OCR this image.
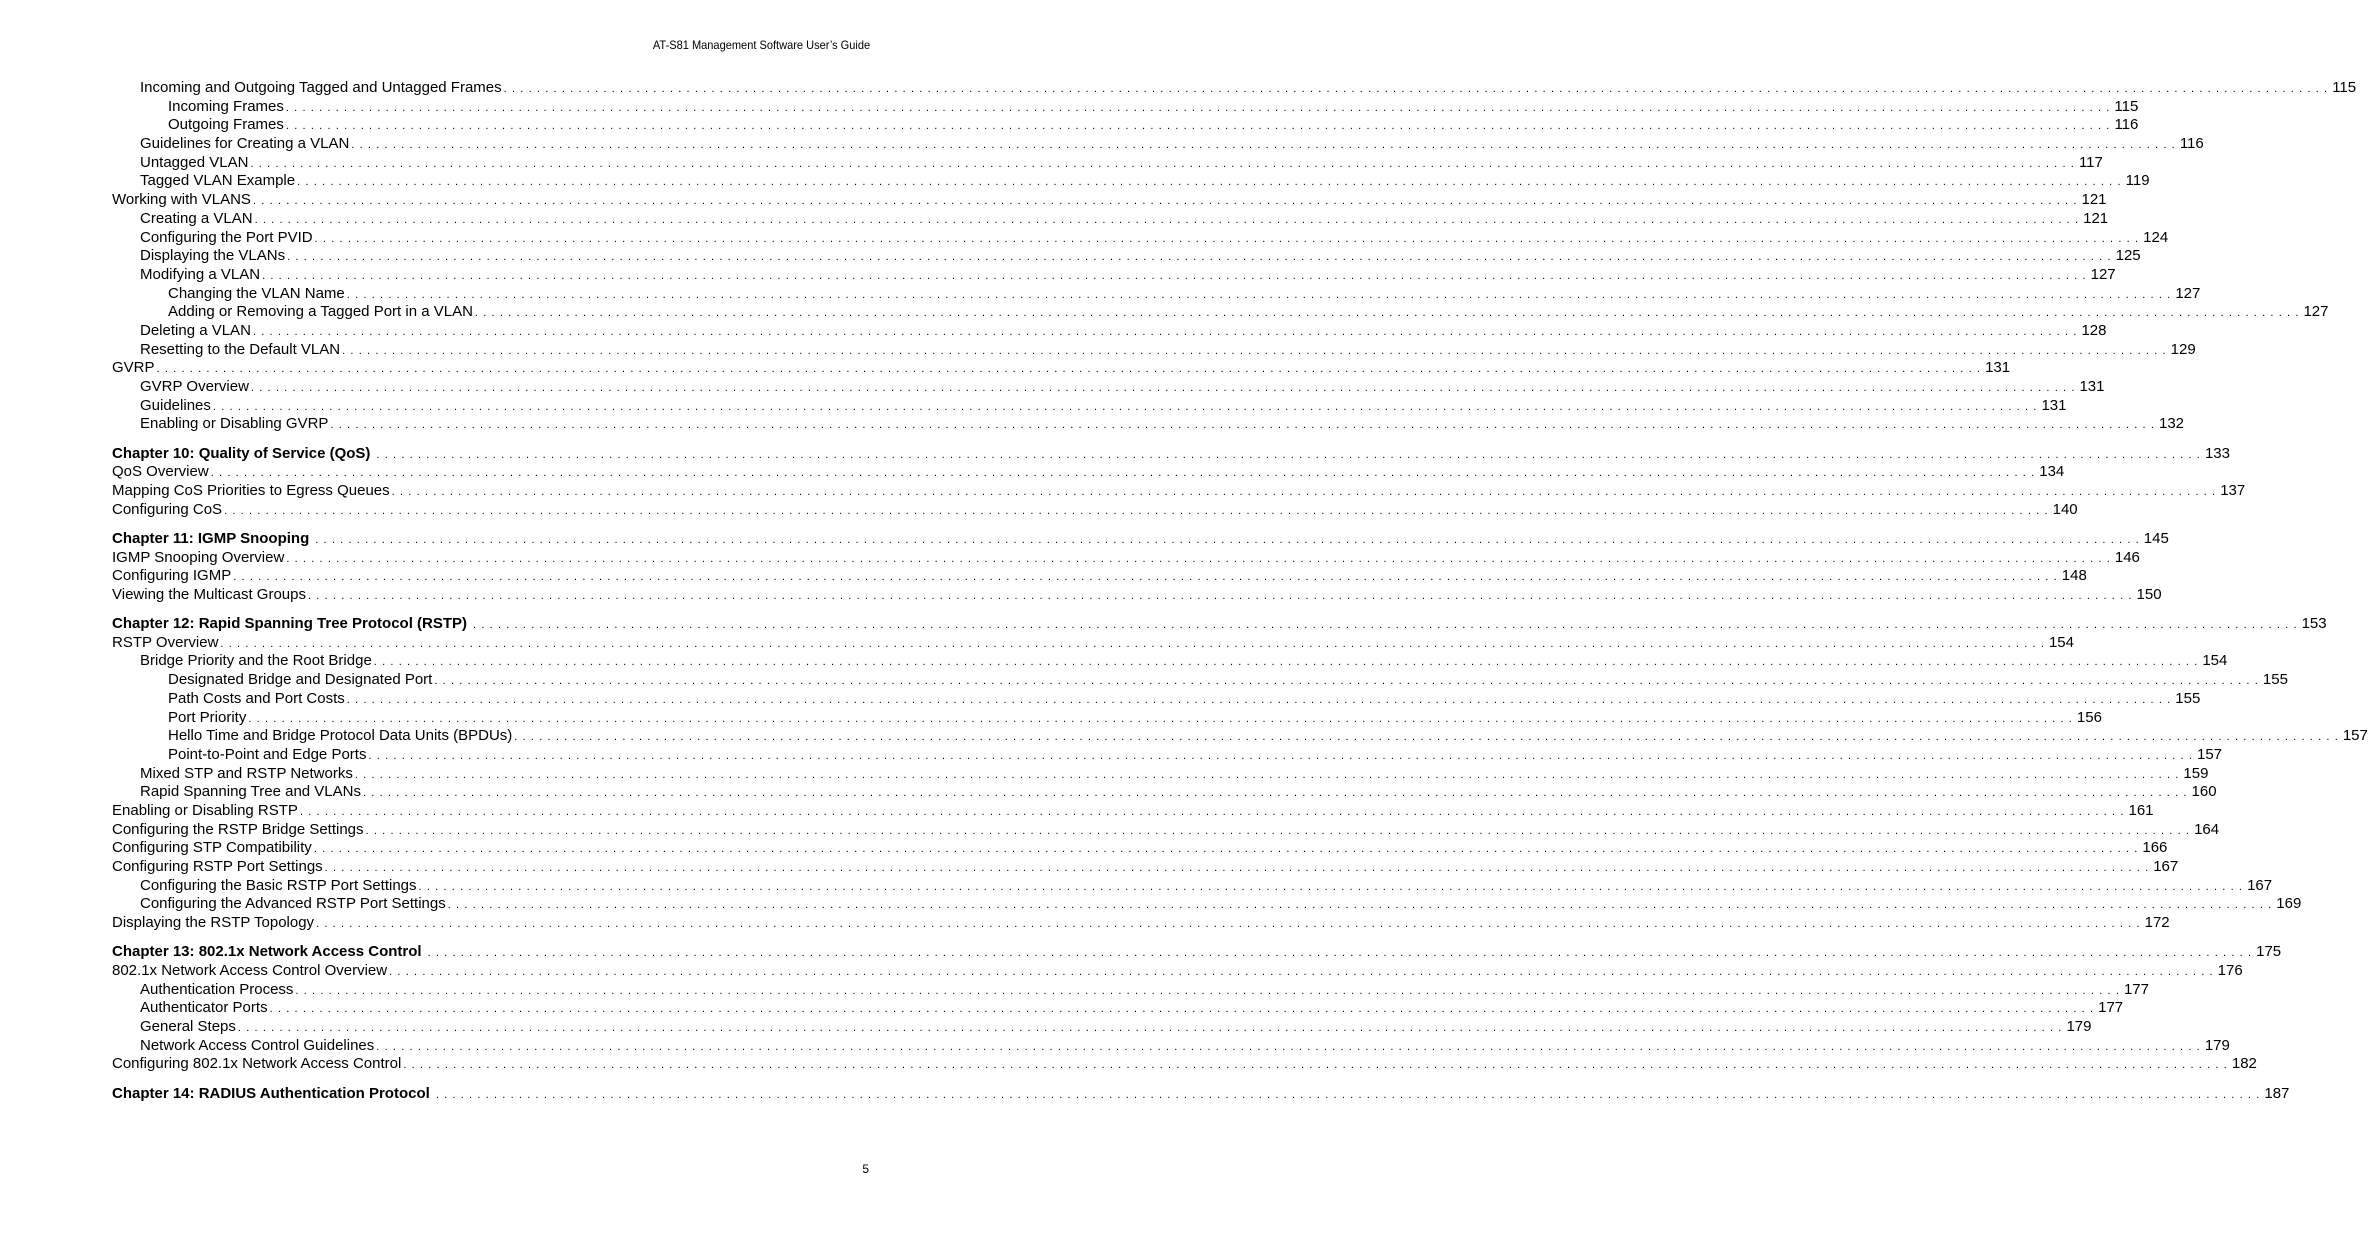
AT-S81 Management Software User’s Guide
Incoming and Outgoing Tagged and Untagged Frames . . . . . . . . . . . . . . . . . . . . . . . . . . . . . . . . . . . . . . . . . . . . . . . . . . . . . . . . . . . . . . . . . . . . . . . . . . . . . . . . . . . . . . . . . . . . . . . . . . . . . . . . . . . . . . . . . . . . . . . . . . . . . . . . . . . . . . . . . . . . . . . . . . . . . . . . . . . . . . . . . . . . . . . . . . . . . . . . . . . . . . . . . . . . . . . . . . . . . . . . . . . . . . . . . . . . . . . . . . . . 115
Incoming Frames . . . . . . . . . . . . . . . . . . . . . . . . . . . . . . . . . . . . . . . . . . . . . . . . . . . . . . . . . . . . . . . . . . . . . . . . . . . . . . . . . . . . . . . . . . . . . . . . . . . . . . . . . . . . . . . . . . . . . . . . . . . . . . . . . . . . . . . . . . . . . . . . . . . . . . . . . . . . . . . . . . . . . . . . . . . . . . . . . . . . . . . . . . . . . . . . . . . . . . . . . . . . . . . . . . . . . . . . . . . . 115
Outgoing Frames . . . . . . . . . . . . . . . . . . . . . . . . . . . . . . . . . . . . . . . . . . . . . . . . . . . . . . . . . . . . . . . . . . . . . . . . . . . . . . . . . . . . . . . . . . . . . . . . . . . . . . . . . . . . . . . . . . . . . . . . . . . . . . . . . . . . . . . . . . . . . . . . . . . . . . . . . . . . . . . . . . . . . . . . . . . . . . . . . . . . . . . . . . . . . . . . . . . . . . . . . . . . . . . . . . . . . . . . . . . . 116
Guidelines for Creating a VLAN . . . . . . . . . . . . . . . . . . . . . . . . . . . . . . . . . . . . . . . . . . . . . . . . . . . . . . . . . . . . . . . . . . . . . . . . . . . . . . . . . . . . . . . . . . . . . . . . . . . . . . . . . . . . . . . . . . . . . . . . . . . . . . . . . . . . . . . . . . . . . . . . . . . . . . . . . . . . . . . . . . . . . . . . . . . . . . . . . . . . . . . . . . . . . . . . . . . . . . . . . . . . . . . . . . . . . . . . . . . . 116
Untagged VLAN . . . . . . . . . . . . . . . . . . . . . . . . . . . . . . . . . . . . . . . . . . . . . . . . . . . . . . . . . . . . . . . . . . . . . . . . . . . . . . . . . . . . . . . . . . . . . . . . . . . . . . . . . . . . . . . . . . . . . . . . . . . . . . . . . . . . . . . . . . . . . . . . . . . . . . . . . . . . . . . . . . . . . . . . . . . . . . . . . . . . . . . . . . . . . . . . . . . . . . . . . . . . . . . . . . . . . . . . . . . . 117
Tagged VLAN Example . . . . . . . . . . . . . . . . . . . . . . . . . . . . . . . . . . . . . . . . . . . . . . . . . . . . . . . . . . . . . . . . . . . . . . . . . . . . . . . . . . . . . . . . . . . . . . . . . . . . . . . . . . . . . . . . . . . . . . . . . . . . . . . . . . . . . . . . . . . . . . . . . . . . . . . . . . . . . . . . . . . . . . . . . . . . . . . . . . . . . . . . . . . . . . . . . . . . . . . . . . . . . . . . . . . . . . . . . . . . 119
Working with VLANS . . . . . . . . . . . . . . . . . . . . . . . . . . . . . . . . . . . . . . . . . . . . . . . . . . . . . . . . . . . . . . . . . . . . . . . . . . . . . . . . . . . . . . . . . . . . . . . . . . . . . . . . . . . . . . . . . . . . . . . . . . . . . . . . . . . . . . . . . . . . . . . . . . . . . . . . . . . . . . . . . . . . . . . . . . . . . . . . . . . . . . . . . . . . . . . . . . . . . . . . . . . . . . . . . . . . . . . . . . . . 121
Creating a VLAN . . . . . . . . . . . . . . . . . . . . . . . . . . . . . . . . . . . . . . . . . . . . . . . . . . . . . . . . . . . . . . . . . . . . . . . . . . . . . . . . . . . . . . . . . . . . . . . . . . . . . . . . . . . . . . . . . . . . . . . . . . . . . . . . . . . . . . . . . . . . . . . . . . . . . . . . . . . . . . . . . . . . . . . . . . . . . . . . . . . . . . . . . . . . . . . . . . . . . . . . . . . . . . . . . . . . . . . . . . . . 121
Configuring the Port PVID . . . . . . . . . . . . . . . . . . . . . . . . . . . . . . . . . . . . . . . . . . . . . . . . . . . . . . . . . . . . . . . . . . . . . . . . . . . . . . . . . . . . . . . . . . . . . . . . . . . . . . . . . . . . . . . . . . . . . . . . . . . . . . . . . . . . . . . . . . . . . . . . . . . . . . . . . . . . . . . . . . . . . . . . . . . . . . . . . . . . . . . . . . . . . . . . . . . . . . . . . . . . . . . . . . . . . . . . . . . . 124
Displaying the VLANs . . . . . . . . . . . . . . . . . . . . . . . . . . . . . . . . . . . . . . . . . . . . . . . . . . . . . . . . . . . . . . . . . . . . . . . . . . . . . . . . . . . . . . . . . . . . . . . . . . . . . . . . . . . . . . . . . . . . . . . . . . . . . . . . . . . . . . . . . . . . . . . . . . . . . . . . . . . . . . . . . . . . . . . . . . . . . . . . . . . . . . . . . . . . . . . . . . . . . . . . . . . . . . . . . . . . . . . . . . . . 125
Modifying a VLAN . . . . . . . . . . . . . . . . . . . . . . . . . . . . . . . . . . . . . . . . . . . . . . . . . . . . . . . . . . . . . . . . . . . . . . . . . . . . . . . . . . . . . . . . . . . . . . . . . . . . . . . . . . . . . . . . . . . . . . . . . . . . . . . . . . . . . . . . . . . . . . . . . . . . . . . . . . . . . . . . . . . . . . . . . . . . . . . . . . . . . . . . . . . . . . . . . . . . . . . . . . . . . . . . . . . . . . . . . . . . 127
Changing the VLAN Name . . . . . . . . . . . . . . . . . . . . . . . . . . . . . . . . . . . . . . . . . . . . . . . . . . . . . . . . . . . . . . . . . . . . . . . . . . . . . . . . . . . . . . . . . . . . . . . . . . . . . . . . . . . . . . . . . . . . . . . . . . . . . . . . . . . . . . . . . . . . . . . . . . . . . . . . . . . . . . . . . . . . . . . . . . . . . . . . . . . . . . . . . . . . . . . . . . . . . . . . . . . . . . . . . . . . . . . . . . . . 127
Adding or Removing a Tagged Port in a VLAN . . . . . . . . . . . . . . . . . . . . . . . . . . . . . . . . . . . . . . . . . . . . . . . . . . . . . . . . . . . . . . . . . . . . . . . . . . . . . . . . . . . . . . . . . . . . . . . . . . . . . . . . . . . . . . . . . . . . . . . . . . . . . . . . . . . . . . . . . . . . . . . . . . . . . . . . . . . . . . . . . . . . . . . . . . . . . . . . . . . . . . . . . . . . . . . . . . . . . . . . . . . . . . . . . . . . . . . . . . . . 127
Deleting a VLAN . . . . . . . . . . . . . . . . . . . . . . . . . . . . . . . . . . . . . . . . . . . . . . . . . . . . . . . . . . . . . . . . . . . . . . . . . . . . . . . . . . . . . . . . . . . . . . . . . . . . . . . . . . . . . . . . . . . . . . . . . . . . . . . . . . . . . . . . . . . . . . . . . . . . . . . . . . . . . . . . . . . . . . . . . . . . . . . . . . . . . . . . . . . . . . . . . . . . . . . . . . . . . . . . . . . . . . . . . . . . 128
Resetting to the Default VLAN . . . . . . . . . . . . . . . . . . . . . . . . . . . . . . . . . . . . . . . . . . . . . . . . . . . . . . . . . . . . . . . . . . . . . . . . . . . . . . . . . . . . . . . . . . . . . . . . . . . . . . . . . . . . . . . . . . . . . . . . . . . . . . . . . . . . . . . . . . . . . . . . . . . . . . . . . . . . . . . . . . . . . . . . . . . . . . . . . . . . . . . . . . . . . . . . . . . . . . . . . . . . . . . . . . . . . . . . . . . . 129
GVRP . . . . . . . . . . . . . . . . . . . . . . . . . . . . . . . . . . . . . . . . . . . . . . . . . . . . . . . . . . . . . . . . . . . . . . . . . . . . . . . . . . . . . . . . . . . . . . . . . . . . . . . . . . . . . . . . . . . . . . . . . . . . . . . . . . . . . . . . . . . . . . . . . . . . . . . . . . . . . . . . . . . . . . . . . . . . . . . . . . . . . . . . . . . . . . . . . . . . . . . . . . . . . . . . . . . . . . . . . . . . 131
GVRP Overview . . . . . . . . . . . . . . . . . . . . . . . . . . . . . . . . . . . . . . . . . . . . . . . . . . . . . . . . . . . . . . . . . . . . . . . . . . . . . . . . . . . . . . . . . . . . . . . . . . . . . . . . . . . . . . . . . . . . . . . . . . . . . . . . . . . . . . . . . . . . . . . . . . . . . . . . . . . . . . . . . . . . . . . . . . . . . . . . . . . . . . . . . . . . . . . . . . . . . . . . . . . . . . . . . . . . . . . . . . . . 131
Guidelines . . . . . . . . . . . . . . . . . . . . . . . . . . . . . . . . . . . . . . . . . . . . . . . . . . . . . . . . . . . . . . . . . . . . . . . . . . . . . . . . . . . . . . . . . . . . . . . . . . . . . . . . . . . . . . . . . . . . . . . . . . . . . . . . . . . . . . . . . . . . . . . . . . . . . . . . . . . . . . . . . . . . . . . . . . . . . . . . . . . . . . . . . . . . . . . . . . . . . . . . . . . . . . . . . . . . . . . . . . . . 131
Enabling or Disabling GVRP . . . . . . . . . . . . . . . . . . . . . . . . . . . . . . . . . . . . . . . . . . . . . . . . . . . . . . . . . . . . . . . . . . . . . . . . . . . . . . . . . . . . . . . . . . . . . . . . . . . . . . . . . . . . . . . . . . . . . . . . . . . . . . . . . . . . . . . . . . . . . . . . . . . . . . . . . . . . . . . . . . . . . . . . . . . . . . . . . . . . . . . . . . . . . . . . . . . . . . . . . . . . . . . . . . . . . . . . . . . . 132
Chapter 10: Quality of Service (QoS) . . . . . . . . . . . . . . . . . . . . . . . . . . . . . . . . . . . . . . . . . . . . . . . . . . . . . . . . . . . . . . . . . . . . . . . . . . . . . . . . . . . . . . . . . . . . . . . . . . . . . . . . . . . . . . . . . . . . . . . . . . . . . . . . . . . . . . . . . . . . . . . . . . . . . . . . . . . . . . . . . . . . . . . . . . . . . . . . . . . . . . . . . . . . . . . . . . . . . . . . . . . . . . . . . . . . . . . . . . . . 133
QoS Overview . . . . . . . . . . . . . . . . . . . . . . . . . . . . . . . . . . . . . . . . . . . . . . . . . . . . . . . . . . . . . . . . . . . . . . . . . . . . . . . . . . . . . . . . . . . . . . . . . . . . . . . . . . . . . . . . . . . . . . . . . . . . . . . . . . . . . . . . . . . . . . . . . . . . . . . . . . . . . . . . . . . . . . . . . . . . . . . . . . . . . . . . . . . . . . . . . . . . . . . . . . . . . . . . . . . . . . . . . . . . 134
Mapping CoS Priorities to Egress Queues . . . . . . . . . . . . . . . . . . . . . . . . . . . . . . . . . . . . . . . . . . . . . . . . . . . . . . . . . . . . . . . . . . . . . . . . . . . . . . . . . . . . . . . . . . . . . . . . . . . . . . . . . . . . . . . . . . . . . . . . . . . . . . . . . . . . . . . . . . . . . . . . . . . . . . . . . . . . . . . . . . . . . . . . . . . . . . . . . . . . . . . . . . . . . . . . . . . . . . . . . . . . . . . . . . . . . . . . . . . . 137
Configuring CoS . . . . . . . . . . . . . . . . . . . . . . . . . . . . . . . . . . . . . . . . . . . . . . . . . . . . . . . . . . . . . . . . . . . . . . . . . . . . . . . . . . . . . . . . . . . . . . . . . . . . . . . . . . . . . . . . . . . . . . . . . . . . . . . . . . . . . . . . . . . . . . . . . . . . . . . . . . . . . . . . . . . . . . . . . . . . . . . . . . . . . . . . . . . . . . . . . . . . . . . . . . . . . . . . . . . . . . . . . . . . 140
Chapter 11: IGMP Snooping . . . . . . . . . . . . . . . . . . . . . . . . . . . . . . . . . . . . . . . . . . . . . . . . . . . . . . . . . . . . . . . . . . . . . . . . . . . . . . . . . . . . . . . . . . . . . . . . . . . . . . . . . . . . . . . . . . . . . . . . . . . . . . . . . . . . . . . . . . . . . . . . . . . . . . . . . . . . . . . . . . . . . . . . . . . . . . . . . . . . . . . . . . . . . . . . . . . . . . . . . . . . . . . . . . . . . . . . . . . . 145
IGMP Snooping Overview . . . . . . . . . . . . . . . . . . . . . . . . . . . . . . . . . . . . . . . . . . . . . . . . . . . . . . . . . . . . . . . . . . . . . . . . . . . . . . . . . . . . . . . . . . . . . . . . . . . . . . . . . . . . . . . . . . . . . . . . . . . . . . . . . . . . . . . . . . . . . . . . . . . . . . . . . . . . . . . . . . . . . . . . . . . . . . . . . . . . . . . . . . . . . . . . . . . . . . . . . . . . . . . . . . . . . . . . . . . . 146
Configuring IGMP . . . . . . . . . . . . . . . . . . . . . . . . . . . . . . . . . . . . . . . . . . . . . . . . . . . . . . . . . . . . . . . . . . . . . . . . . . . . . . . . . . . . . . . . . . . . . . . . . . . . . . . . . . . . . . . . . . . . . . . . . . . . . . . . . . . . . . . . . . . . . . . . . . . . . . . . . . . . . . . . . . . . . . . . . . . . . . . . . . . . . . . . . . . . . . . . . . . . . . . . . . . . . . . . . . . . . . . . . . . . 148
Viewing the Multicast Groups . . . . . . . . . . . . . . . . . . . . . . . . . . . . . . . . . . . . . . . . . . . . . . . . . . . . . . . . . . . . . . . . . . . . . . . . . . . . . . . . . . . . . . . . . . . . . . . . . . . . . . . . . . . . . . . . . . . . . . . . . . . . . . . . . . . . . . . . . . . . . . . . . . . . . . . . . . . . . . . . . . . . . . . . . . . . . . . . . . . . . . . . . . . . . . . . . . . . . . . . . . . . . . . . . . . . . . . . . . . . 150
Chapter 12: Rapid Spanning Tree Protocol (RSTP) . . . . . . . . . . . . . . . . . . . . . . . . . . . . . . . . . . . . . . . . . . . . . . . . . . . . . . . . . . . . . . . . . . . . . . . . . . . . . . . . . . . . . . . . . . . . . . . . . . . . . . . . . . . . . . . . . . . . . . . . . . . . . . . . . . . . . . . . . . . . . . . . . . . . . . . . . . . . . . . . . . . . . . . . . . . . . . . . . . . . . . . . . . . . . . . . . . . . . . . . . . . . . . . . . . . . . . . . . . . . 153
RSTP Overview . . . . . . . . . . . . . . . . . . . . . . . . . . . . . . . . . . . . . . . . . . . . . . . . . . . . . . . . . . . . . . . . . . . . . . . . . . . . . . . . . . . . . . . . . . . . . . . . . . . . . . . . . . . . . . . . . . . . . . . . . . . . . . . . . . . . . . . . . . . . . . . . . . . . . . . . . . . . . . . . . . . . . . . . . . . . . . . . . . . . . . . . . . . . . . . . . . . . . . . . . . . . . . . . . . . . . . . . . . . . 154
Bridge Priority and the Root Bridge . . . . . . . . . . . . . . . . . . . . . . . . . . . . . . . . . . . . . . . . . . . . . . . . . . . . . . . . . . . . . . . . . . . . . . . . . . . . . . . . . . . . . . . . . . . . . . . . . . . . . . . . . . . . . . . . . . . . . . . . . . . . . . . . . . . . . . . . . . . . . . . . . . . . . . . . . . . . . . . . . . . . . . . . . . . . . . . . . . . . . . . . . . . . . . . . . . . . . . . . . . . . . . . . . . . . . . . . . . . . 154
Designated Bridge and Designated Port . . . . . . . . . . . . . . . . . . . . . . . . . . . . . . . . . . . . . . . . . . . . . . . . . . . . . . . . . . . . . . . . . . . . . . . . . . . . . . . . . . . . . . . . . . . . . . . . . . . . . . . . . . . . . . . . . . . . . . . . . . . . . . . . . . . . . . . . . . . . . . . . . . . . . . . . . . . . . . . . . . . . . . . . . . . . . . . . . . . . . . . . . . . . . . . . . . . . . . . . . . . . . . . . . . . . . . . . . . . . 155
Path Costs and Port Costs . . . . . . . . . . . . . . . . . . . . . . . . . . . . . . . . . . . . . . . . . . . . . . . . . . . . . . . . . . . . . . . . . . . . . . . . . . . . . . . . . . . . . . . . . . . . . . . . . . . . . . . . . . . . . . . . . . . . . . . . . . . . . . . . . . . . . . . . . . . . . . . . . . . . . . . . . . . . . . . . . . . . . . . . . . . . . . . . . . . . . . . . . . . . . . . . . . . . . . . . . . . . . . . . . . . . . . . . . . . . 155
Port Priority . . . . . . . . . . . . . . . . . . . . . . . . . . . . . . . . . . . . . . . . . . . . . . . . . . . . . . . . . . . . . . . . . . . . . . . . . . . . . . . . . . . . . . . . . . . . . . . . . . . . . . . . . . . . . . . . . . . . . . . . . . . . . . . . . . . . . . . . . . . . . . . . . . . . . . . . . . . . . . . . . . . . . . . . . . . . . . . . . . . . . . . . . . . . . . . . . . . . . . . . . . . . . . . . . . . . . . . . . . . . 156
Hello Time and Bridge Protocol Data Units (BPDUs) . . . . . . . . . . . . . . . . . . . . . . . . . . . . . . . . . . . . . . . . . . . . . . . . . . . . . . . . . . . . . . . . . . . . . . . . . . . . . . . . . . . . . . . . . . . . . . . . . . . . . . . . . . . . . . . . . . . . . . . . . . . . . . . . . . . . . . . . . . . . . . . . . . . . . . . . . . . . . . . . . . . . . . . . . . . . . . . . . . . . . . . . . . . . . . . . . . . . . . . . . . . . . . . . . . . . . . . . . . . . 157
Point-to-Point and Edge Ports . . . . . . . . . . . . . . . . . . . . . . . . . . . . . . . . . . . . . . . . . . . . . . . . . . . . . . . . . . . . . . . . . . . . . . . . . . . . . . . . . . . . . . . . . . . . . . . . . . . . . . . . . . . . . . . . . . . . . . . . . . . . . . . . . . . . . . . . . . . . . . . . . . . . . . . . . . . . . . . . . . . . . . . . . . . . . . . . . . . . . . . . . . . . . . . . . . . . . . . . . . . . . . . . . . . . . . . . . . . . 157
Mixed STP and RSTP Networks . . . . . . . . . . . . . . . . . . . . . . . . . . . . . . . . . . . . . . . . . . . . . . . . . . . . . . . . . . . . . . . . . . . . . . . . . . . . . . . . . . . . . . . . . . . . . . . . . . . . . . . . . . . . . . . . . . . . . . . . . . . . . . . . . . . . . . . . . . . . . . . . . . . . . . . . . . . . . . . . . . . . . . . . . . . . . . . . . . . . . . . . . . . . . . . . . . . . . . . . . . . . . . . . . . . . . . . . . . . . 159
Rapid Spanning Tree and VLANs . . . . . . . . . . . . . . . . . . . . . . . . . . . . . . . . . . . . . . . . . . . . . . . . . . . . . . . . . . . . . . . . . . . . . . . . . . . . . . . . . . . . . . . . . . . . . . . . . . . . . . . . . . . . . . . . . . . . . . . . . . . . . . . . . . . . . . . . . . . . . . . . . . . . . . . . . . . . . . . . . . . . . . . . . . . . . . . . . . . . . . . . . . . . . . . . . . . . . . . . . . . . . . . . . . . . . . . . . . . . 160
Enabling or Disabling RSTP . . . . . . . . . . . . . . . . . . . . . . . . . . . . . . . . . . . . . . . . . . . . . . . . . . . . . . . . . . . . . . . . . . . . . . . . . . . . . . . . . . . . . . . . . . . . . . . . . . . . . . . . . . . . . . . . . . . . . . . . . . . . . . . . . . . . . . . . . . . . . . . . . . . . . . . . . . . . . . . . . . . . . . . . . . . . . . . . . . . . . . . . . . . . . . . . . . . . . . . . . . . . . . . . . . . . . . . . . . . . 161
Configuring the RSTP Bridge Settings . . . . . . . . . . . . . . . . . . . . . . . . . . . . . . . . . . . . . . . . . . . . . . . . . . . . . . . . . . . . . . . . . . . . . . . . . . . . . . . . . . . . . . . . . . . . . . . . . . . . . . . . . . . . . . . . . . . . . . . . . . . . . . . . . . . . . . . . . . . . . . . . . . . . . . . . . . . . . . . . . . . . . . . . . . . . . . . . . . . . . . . . . . . . . . . . . . . . . . . . . . . . . . . . . . . . . . . . . . . . 164
Configuring STP Compatibility . . . . . . . . . . . . . . . . . . . . . . . . . . . . . . . . . . . . . . . . . . . . . . . . . . . . . . . . . . . . . . . . . . . . . . . . . . . . . . . . . . . . . . . . . . . . . . . . . . . . . . . . . . . . . . . . . . . . . . . . . . . . . . . . . . . . . . . . . . . . . . . . . . . . . . . . . . . . . . . . . . . . . . . . . . . . . . . . . . . . . . . . . . . . . . . . . . . . . . . . . . . . . . . . . . . . . . . . . . . . 166
Configuring RSTP Port Settings . . . . . . . . . . . . . . . . . . . . . . . . . . . . . . . . . . . . . . . . . . . . . . . . . . . . . . . . . . . . . . . . . . . . . . . . . . . . . . . . . . . . . . . . . . . . . . . . . . . . . . . . . . . . . . . . . . . . . . . . . . . . . . . . . . . . . . . . . . . . . . . . . . . . . . . . . . . . . . . . . . . . . . . . . . . . . . . . . . . . . . . . . . . . . . . . . . . . . . . . . . . . . . . . . . . . . . . . . . . . 167
Configuring the Basic RSTP Port Settings . . . . . . . . . . . . . . . . . . . . . . . . . . . . . . . . . . . . . . . . . . . . . . . . . . . . . . . . . . . . . . . . . . . . . . . . . . . . . . . . . . . . . . . . . . . . . . . . . . . . . . . . . . . . . . . . . . . . . . . . . . . . . . . . . . . . . . . . . . . . . . . . . . . . . . . . . . . . . . . . . . . . . . . . . . . . . . . . . . . . . . . . . . . . . . . . . . . . . . . . . . . . . . . . . . . . . . . . . . . . 167
Configuring the Advanced RSTP Port Settings . . . . . . . . . . . . . . . . . . . . . . . . . . . . . . . . . . . . . . . . . . . . . . . . . . . . . . . . . . . . . . . . . . . . . . . . . . . . . . . . . . . . . . . . . . . . . . . . . . . . . . . . . . . . . . . . . . . . . . . . . . . . . . . . . . . . . . . . . . . . . . . . . . . . . . . . . . . . . . . . . . . . . . . . . . . . . . . . . . . . . . . . . . . . . . . . . . . . . . . . . . . . . . . . . . . . . . . . . . . . 169
Displaying the RSTP Topology . . . . . . . . . . . . . . . . . . . . . . . . . . . . . . . . . . . . . . . . . . . . . . . . . . . . . . . . . . . . . . . . . . . . . . . . . . . . . . . . . . . . . . . . . . . . . . . . . . . . . . . . . . . . . . . . . . . . . . . . . . . . . . . . . . . . . . . . . . . . . . . . . . . . . . . . . . . . . . . . . . . . . . . . . . . . . . . . . . . . . . . . . . . . . . . . . . . . . . . . . . . . . . . . . . . . . . . . . . . . 172
Chapter 13: 802.1x Network Access Control . . . . . . . . . . . . . . . . . . . . . . . . . . . . . . . . . . . . . . . . . . . . . . . . . . . . . . . . . . . . . . . . . . . . . . . . . . . . . . . . . . . . . . . . . . . . . . . . . . . . . . . . . . . . . . . . . . . . . . . . . . . . . . . . . . . . . . . . . . . . . . . . . . . . . . . . . . . . . . . . . . . . . . . . . . . . . . . . . . . . . . . . . . . . . . . . . . . . . . . . . . . . . . . . . . . . . . . . . . . . 175
802.1x Network Access Control Overview . . . . . . . . . . . . . . . . . . . . . . . . . . . . . . . . . . . . . . . . . . . . . . . . . . . . . . . . . . . . . . . . . . . . . . . . . . . . . . . . . . . . . . . . . . . . . . . . . . . . . . . . . . . . . . . . . . . . . . . . . . . . . . . . . . . . . . . . . . . . . . . . . . . . . . . . . . . . . . . . . . . . . . . . . . . . . . . . . . . . . . . . . . . . . . . . . . . . . . . . . . . . . . . . . . . . . . . . . . . . 176
Authentication Process . . . . . . . . . . . . . . . . . . . . . . . . . . . . . . . . . . . . . . . . . . . . . . . . . . . . . . . . . . . . . . . . . . . . . . . . . . . . . . . . . . . . . . . . . . . . . . . . . . . . . . . . . . . . . . . . . . . . . . . . . . . . . . . . . . . . . . . . . . . . . . . . . . . . . . . . . . . . . . . . . . . . . . . . . . . . . . . . . . . . . . . . . . . . . . . . . . . . . . . . . . . . . . . . . . . . . . . . . . . . 177
Authenticator Ports . . . . . . . . . . . . . . . . . . . . . . . . . . . . . . . . . . . . . . . . . . . . . . . . . . . . . . . . . . . . . . . . . . . . . . . . . . . . . . . . . . . . . . . . . . . . . . . . . . . . . . . . . . . . . . . . . . . . . . . . . . . . . . . . . . . . . . . . . . . . . . . . . . . . . . . . . . . . . . . . . . . . . . . . . . . . . . . . . . . . . . . . . . . . . . . . . . . . . . . . . . . . . . . . . . . . . . . . . . . . 177
General Steps . . . . . . . . . . . . . . . . . . . . . . . . . . . . . . . . . . . . . . . . . . . . . . . . . . . . . . . . . . . . . . . . . . . . . . . . . . . . . . . . . . . . . . . . . . . . . . . . . . . . . . . . . . . . . . . . . . . . . . . . . . . . . . . . . . . . . . . . . . . . . . . . . . . . . . . . . . . . . . . . . . . . . . . . . . . . . . . . . . . . . . . . . . . . . . . . . . . . . . . . . . . . . . . . . . . . . . . . . . . . 179
Network Access Control Guidelines . . . . . . . . . . . . . . . . . . . . . . . . . . . . . . . . . . . . . . . . . . . . . . . . . . . . . . . . . . . . . . . . . . . . . . . . . . . . . . . . . . . . . . . . . . . . . . . . . . . . . . . . . . . . . . . . . . . . . . . . . . . . . . . . . . . . . . . . . . . . . . . . . . . . . . . . . . . . . . . . . . . . . . . . . . . . . . . . . . . . . . . . . . . . . . . . . . . . . . . . . . . . . . . . . . . . . . . . . . . . 179
Configuring 802.1x Network Access Control . . . . . . . . . . . . . . . . . . . . . . . . . . . . . . . . . . . . . . . . . . . . . . . . . . . . . . . . . . . . . . . . . . . . . . . . . . . . . . . . . . . . . . . . . . . . . . . . . . . . . . . . . . . . . . . . . . . . . . . . . . . . . . . . . . . . . . . . . . . . . . . . . . . . . . . . . . . . . . . . . . . . . . . . . . . . . . . . . . . . . . . . . . . . . . . . . . . . . . . . . . . . . . . . . . . . . . . . . . . . 182
Chapter 14: RADIUS Authentication Protocol . . . . . . . . . . . . . . . . . . . . . . . . . . . . . . . . . . . . . . . . . . . . . . . . . . . . . . . . . . . . . . . . . . . . . . . . . . . . . . . . . . . . . . . . . . . . . . . . . . . . . . . . . . . . . . . . . . . . . . . . . . . . . . . . . . . . . . . . . . . . . . . . . . . . . . . . . . . . . . . . . . . . . . . . . . . . . . . . . . . . . . . . . . . . . . . . . . . . . . . . . . . . . . . . . . . . . . . . . . . . 187
5
